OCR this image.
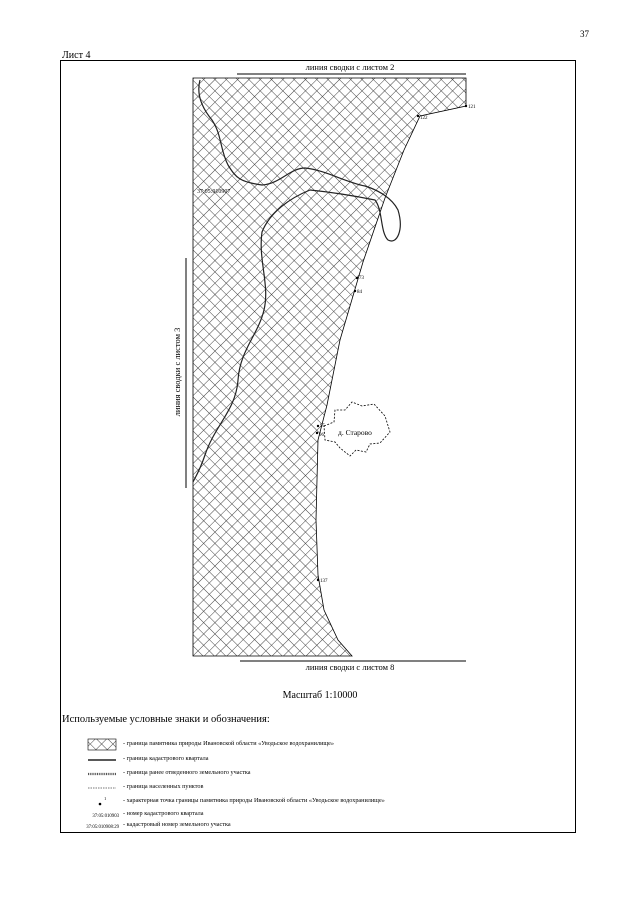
37
Лист 4
линия сводки с листом 2
линия сводки с листом 3
д. Старово
37:05:010907
121
122
73
84
95
96
137
линия сводки с листом 8
Масштаб 1:10000
Используемые условные знаки и обозначения:
- граница памятника природы Ивановской области «Уводьское водохранилище»
- граница кадастрового квартала
- граница ранее отведенного земельного участка
- граница населенных пунктов
1	- характерная точка границы памятника природы Ивановской области «Уводьское водохранилище»
37:05:010903 - номер кадастрового квартала
37:05:010908:29 - кадастровый номер земельного участка
